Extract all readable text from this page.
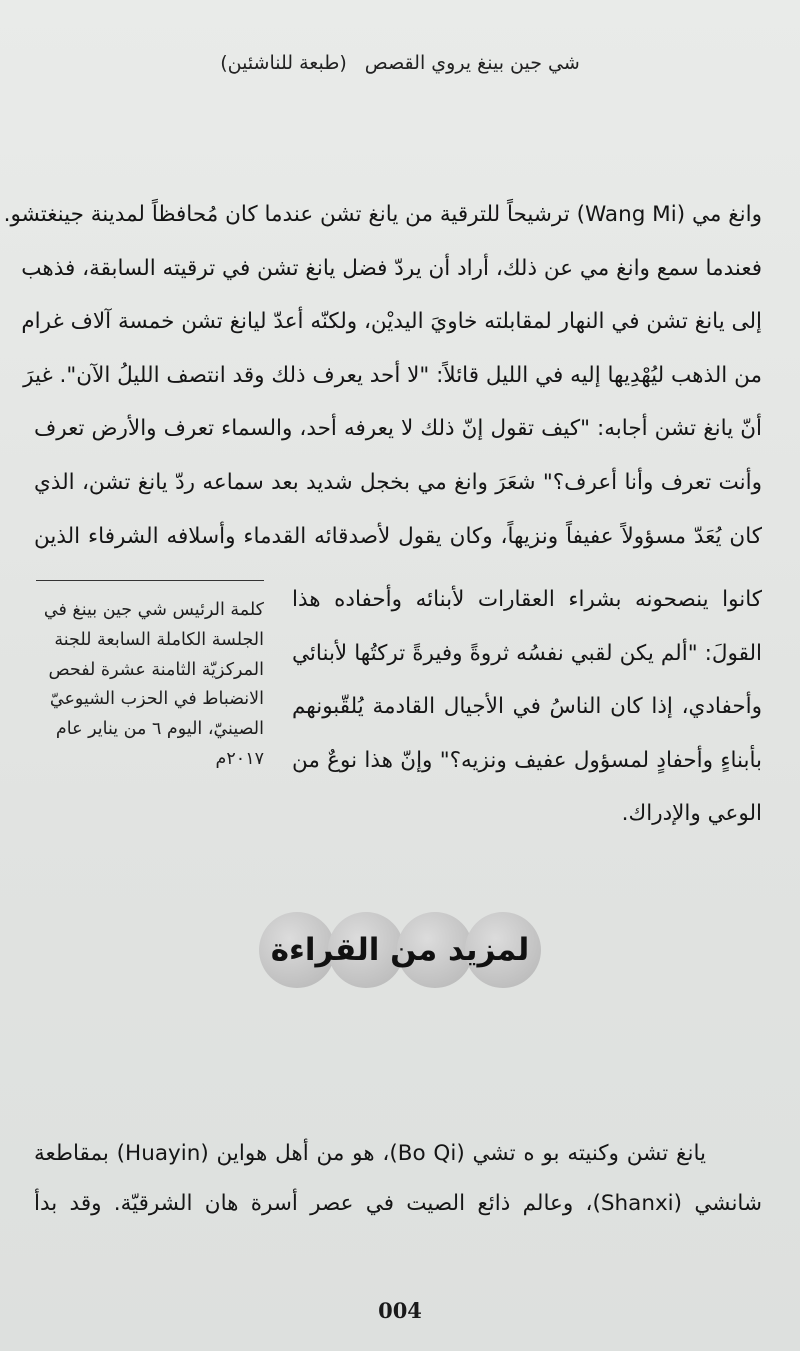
شي جين بينغ يروي القصص (طبعة للناشئين)
وانغ مي (Wang Mi) ترشيحاً للترقية من يانغ تشن عندما كان مُحافظاً لمدينة جينغتشو.
فعندما سمع وانغ مي عن ذلك، أراد أن يردّ فضل يانغ تشن في ترقيته السابقة، فذهب
إلى يانغ تشن في النهار لمقابلته خاويَ اليديْن، ولكنّه أعدّ ليانغ تشن خمسة آلاف غرام
من الذهب ليُهْدِيها إليه في الليل قائلاً: "لا أحد يعرف ذلك وقد انتصف الليلُ الآن". غيرَ
أنّ يانغ تشن أجابه: "كيف تقول إنّ ذلك لا يعرفه أحد، والسماء تعرف والأرض تعرف
وأنت تعرف وأنا أعرف؟" شعَرَ وانغ مي بخجل شديد بعد سماعه ردّ يانغ تشن، الذي
كان يُعَدّ مسؤولاً عفيفاً ونزيهاً، وكان يقول لأصدقائه القدماء وأسلافه الشرفاء الذين
كانوا ينصحونه بشراء العقارات لأبنائه وأحفاده هذا
القولَ: "ألم يكن لقبي نفسُه ثروةً وفيرةً تركتُها لأبنائي
وأحفادي، إذا كان الناسُ في الأجيال القادمة يُلقّبونهم
بأبناءٍ وأحفادٍ لمسؤول عفيف ونزيه؟" وإنّ هذا نوعٌ من
الوعي والإدراك.
كلمة الرئيس شي جين بينغ في
الجلسة الكاملة السابعة للجنة
المركزيّة الثامنة عشرة لفحص
الانضباط في الحزب الشيوعيّ
الصينيّ، اليوم ٦ من يناير عام
٢٠١٧م
لمزيد من القراءة
يانغ تشن وكنيته بو ه تشي (Bo Qi)، هو من أهل هواين (Huayin) بمقاطعة
شانشي (Shanxi)، وعالم ذائع الصيت في عصر أسرة هان الشرقيّة. وقد بدأ
004
